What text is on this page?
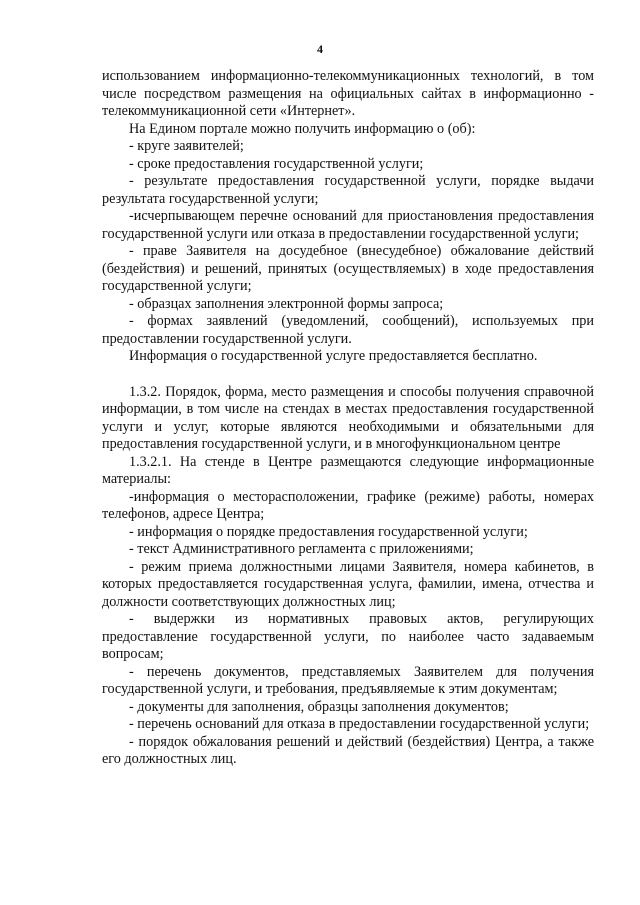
4

использованием информационно-телекоммуникационных технологий, в том числе посредством размещения на официальных сайтах в информационно - телекоммуникационной сети «Интернет».

На Едином портале можно получить информацию о (об):

- круге заявителей;

- сроке предоставления государственной услуги;

- результате предоставления государственной услуги, порядке выдачи результата государственной услуги;

-исчерпывающем перечне оснований для приостановления предоставления государственной услуги или отказа в предоставлении государственной услуги;

- праве Заявителя на досудебное (внесудебное) обжалование действий (бездействия) и решений, принятых (осуществляемых) в ходе предоставления государственной услуги;

- образцах заполнения электронной формы запроса;

- формах заявлений (уведомлений, сообщений), используемых при предоставлении государственной услуги.

Информация о государственной услуге предоставляется бесплатно.

1.3.2. Порядок, форма, место размещения и способы получения справочной информации, в том числе на стендах в местах предоставления государственной услуги и услуг, которые являются необходимыми и обязательными для предоставления государственной услуги, и в многофункциональном центре

1.3.2.1. На стенде в Центре размещаются следующие информационные материалы:

-информация о месторасположении, графике (режиме) работы, номерах телефонов, адресе Центра;

- информация о порядке предоставления государственной услуги;

- текст Административного регламента с приложениями;

- режим приема должностными лицами Заявителя, номера кабинетов, в которых предоставляется государственная услуга, фамилии, имена, отчества и должности соответствующих должностных лиц;

- выдержки из нормативных правовых актов, регулирующих предоставление государственной услуги, по наиболее часто задаваемым вопросам;

- перечень документов, представляемых Заявителем для получения государственной услуги, и требования, предъявляемые к этим документам;

- документы для заполнения, образцы заполнения документов;

- перечень оснований для отказа в предоставлении государственной услуги;

- порядок обжалования решений и действий (бездействия) Центра, а также его должностных лиц.
